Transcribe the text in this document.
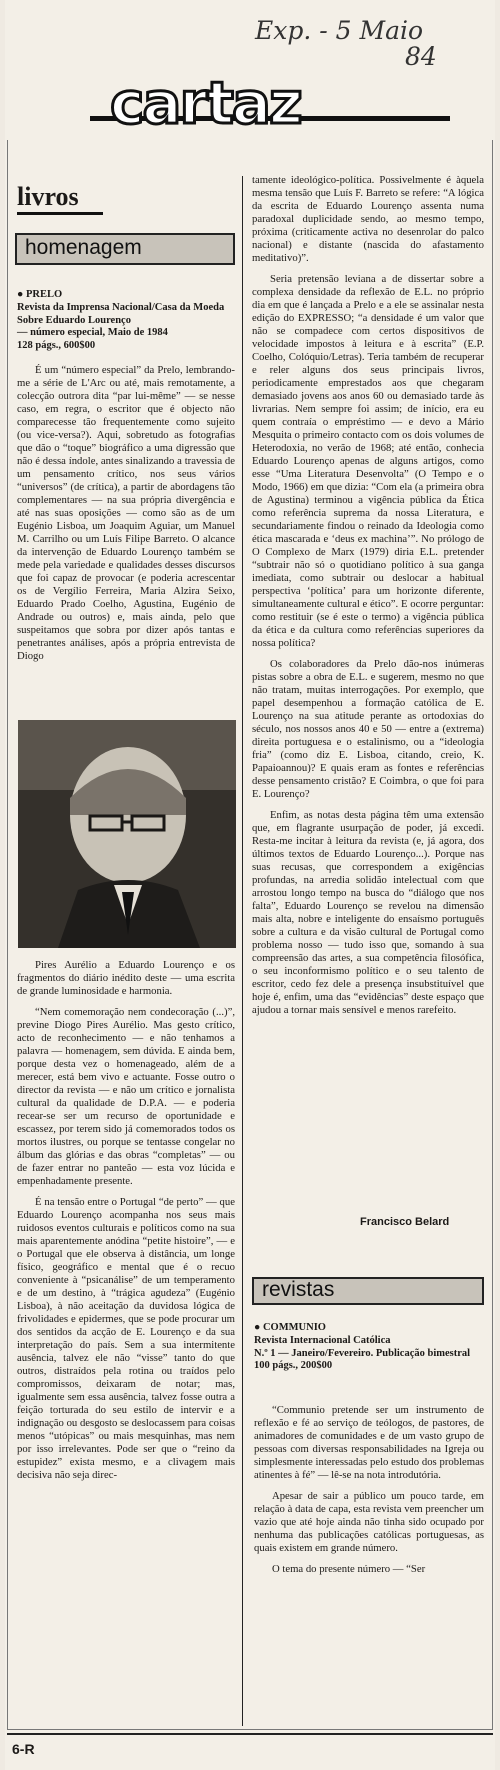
Exp. - 5 Maio
84
cartaz
livros
homenagem
● PRELO
Revista da Imprensa Nacional/Casa da Moeda
Sobre Eduardo Lourenço
— número especial, Maio de 1984
128 págs., 600$00

É um “número especial” da Prelo, lembrando-me a série de L'Arc ou até, mais remotamente, a colecção outrora dita “par lui-même” — se nesse caso, em regra, o escritor que é objecto não comparecesse tão frequentemente como sujeito (ou vice-versa?). Aqui, sobretudo as fotografias que dão o “toque” biográfico a uma digressão que não é dessa índole, antes sinalizando a travessia de um pensamento crítico, nos seus vários “universos” (de crítica), a partir de abordagens tão complementares — na sua própria divergência e até nas suas oposições — como são as de um Eugénio Lisboa, um Joaquim Aguiar, um Manuel M. Carrilho ou um Luís Filipe Barreto. O alcance da intervenção de Eduardo Lourenço também se mede pela variedade e qualidades desses discursos que foi capaz de provocar (e poderia acrescentar os de Vergílio Ferreira, Maria Alzira Seixo, Eduardo Prado Coelho, Agustina, Eugénio de Andrade ou outros) e, mais ainda, pelo que suspeitamos que sobra por dizer após tantas e penetrantes análises, após a própria entrevista de Diogo

Pires Aurélio a Eduardo Lourenço e os fragmentos do diário inédito deste — uma escrita de grande luminosidade e harmonia.

“Nem comemoração nem condecoração (...)”, previne Diogo Pires Aurélio. Mas gesto crítico, acto de reconhecimento — e não tenhamos a palavra — homenagem, sem dúvida. E ainda bem, porque desta vez o homenageado, além de a merecer, está bem vivo e actuante. Fosse outro o director da revista — e não um crítico e jornalista cultural da qualidade de D.P.A. — e poderia recear-se ser um recurso de oportunidade e escassez, por terem sido já comemorados todos os mortos ilustres, ou porque se tentasse congelar no álbum das glórias e das obras “completas” — ou de fazer entrar no panteão — esta voz lúcida e empenhadamente presente.

É na tensão entre o Portugal “de perto” — que Eduardo Lourenço acompanha nos seus mais ruidosos eventos culturais e políticos como na sua mais aparentemente anódina “petite histoire”, — e o Portugal que ele observa à distância, um longe físico, geográfico e mental que é o recuo conveniente à “psicanálise” de um temperamento e de um destino, à “trágica agudeza” (Eugénio Lisboa), à não aceitação da duvidosa lógica de frivolidades e epidermes, que se pode procurar um dos sentidos da acção de E. Lourenço e da sua interpretação do país. Sem a sua intermitente ausência, talvez ele não “visse” tanto do que outros, distraídos pela rotina ou traídos pelo compromissos, deixaram de notar; mas, igualmente sem essa ausência, talvez fosse outra a feição torturada do seu estilo de intervir e a indignação ou desgosto se deslocassem para coisas menos “utópicas” ou mais mesquinhas, mas nem por isso irrelevantes. Pode ser que o “reino da estupidez” exista mesmo, e a clivagem mais decisiva não seja direc-

tamente ideológico-política. Possivelmente é àquela mesma tensão que Luís F. Barreto se refere: “A lógica da escrita de Eduardo Lourenço assenta numa paradoxal duplicidade sendo, ao mesmo tempo, próxima (criticamente activa no desenrolar do palco nacional) e distante (nascida do afastamento meditativo)”.

Seria pretensão leviana a de dissertar sobre a complexa densidade da reflexão de E.L. no próprio dia em que é lançada a Prelo e a ele se assinalar nesta edição do EXPRESSO; “a densidade é um valor que não se compadece com certos dispositivos de velocidade impostos à leitura e à escrita” (E.P. Coelho, Colóquio/Letras). Teria também de recuperar e reler alguns dos seus principais livros, periodicamente emprestados aos que chegaram demasiado jovens aos anos 60 ou demasiado tarde às livrarias. Nem sempre foi assim; de início, era eu quem contraía o empréstimo — e devo a Mário Mesquita o primeiro contacto com os dois volumes de Heterodoxia, no verão de 1968; até então, conhecia Eduardo Lourenço apenas de alguns artigos, como esse “Uma Literatura Desenvolta” (O Tempo e o Modo, 1966) em que dizia: “Com ela (a primeira obra de Agustina) terminou a vigência pública da Ética como referência suprema da nossa Literatura, e secundariamente findou o reinado da Ideologia como ética mascarada e ‘deus ex machina’”. No prólogo de O Complexo de Marx (1979) diria E.L. pretender “subtrair não só o quotidiano político à sua ganga imediata, como subtrair ou deslocar a habitual perspectiva ‘política’ para um horizonte diferente, simultaneamente cultural e ético”. E ocorre perguntar: como restituir (se é este o termo) a vigência pública da ética e da cultura como referências superiores da nossa política?

Os colaboradores da Prelo dão-nos inúmeras pistas sobre a obra de E.L. e sugerem, mesmo no que não tratam, muitas interrogações. Por exemplo, que papel desempenhou a formação católica de E. Lourenço na sua atitude perante as ortodoxias do século, nos nossos anos 40 e 50 — entre a (extrema) direita portuguesa e o estalinismo, ou a “ideologia fria” (como diz E. Lisboa, citando, creio, K. Papaioannou)? E quais eram as fontes e referências desse pensamento cristão? E Coimbra, o que foi para E. Lourenço?

Enfim, as notas desta página têm uma extensão que, em flagrante usurpação de poder, já excedi. Resta-me incitar à leitura da revista (e, já agora, dos últimos textos de Eduardo Lourenço...). Porque nas suas recusas, que correspondem a exigências profundas, na arredia solidão intelectual com que arrostou longo tempo na busca do “diálogo que nos falta”, Eduardo Lourenço se revelou na dimensão mais alta, nobre e inteligente do ensaísmo português sobre a cultura e da visão cultural de Portugal como problema nosso — tudo isso que, somando à sua compreensão das artes, a sua competência filosófica, o seu inconformismo político e o seu talento de escritor, cedo fez dele a presença insubstituível que hoje é, enfim, uma das “evidências” deste espaço que ajudou a tornar mais sensível e menos rarefeito.

Francisco Belard
revistas
● COMMUNIO
Revista Internacional Católica
N.º 1 — Janeiro/Fevereiro. Publicação bimestral
100 págs., 200$00

“Communio pretende ser um instrumento de reflexão e fé ao serviço de teólogos, de pastores, de animadores de comunidades e de um vasto grupo de pessoas com diversas responsabilidades na Igreja ou simplesmente interessadas pelo estudo dos problemas atinentes à fé” — lê-se na nota introdutória.

Apesar de sair a público um pouco tarde, em relação à data de capa, esta revista vem preencher um vazio que até hoje ainda não tinha sido ocupado por nenhuma das publicações católicas portuguesas, as quais existem em grande número.

O tema do presente número — “Ser

6-R
